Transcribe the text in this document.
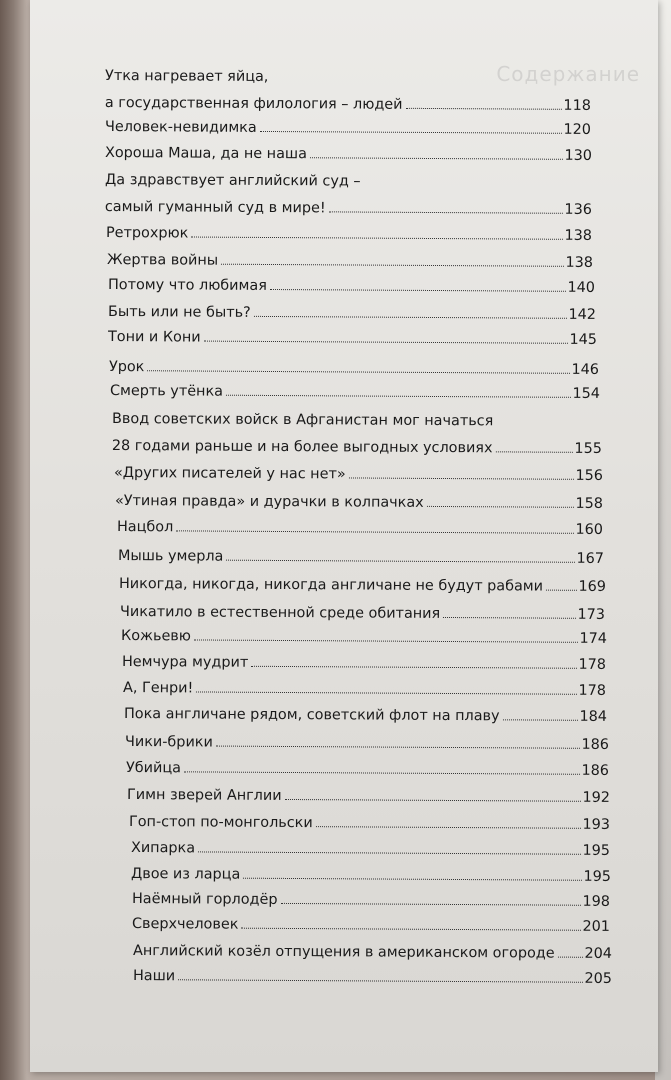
Содержание
Утка нагревает яйца,
а государственная филология – людей	118
Человек-невидимка	120
Хороша Маша, да не наша	130
Да здравствует английский суд –
самый гуманный суд в мире!	136
Ретрохрюк	138
Жертва войны	138
Потому что любимая	140
Быть или не быть?	142
Тони и Кони	145
Урок	146
Смерть утёнка	154
Ввод советских войск в Афганистан мог начаться
28 годами раньше и на более выгодных условиях	155
«Других писателей у нас нет»	156
«Утиная правда» и дурачки в колпачках	158
Нацбол	160
Мышь умерла	167
Никогда, никогда, никогда англичане не будут рабами 169
Чикатило в естественной среде обитания	173
Кожьевю	174
Немчура мудрит	178
А, Генри!	178
Пока англичане рядом, советский флот на плаву	184
Чики-брики	186
Убийца	186
Гимн зверей Англии	192
Гоп-стоп по-монгольски	193
Хипарка	195
Двое из ларца	195
Наёмный горлодёр	198
Сверхчеловек	201
Английский козёл отпущения в американском огороде 204
Наши	205
